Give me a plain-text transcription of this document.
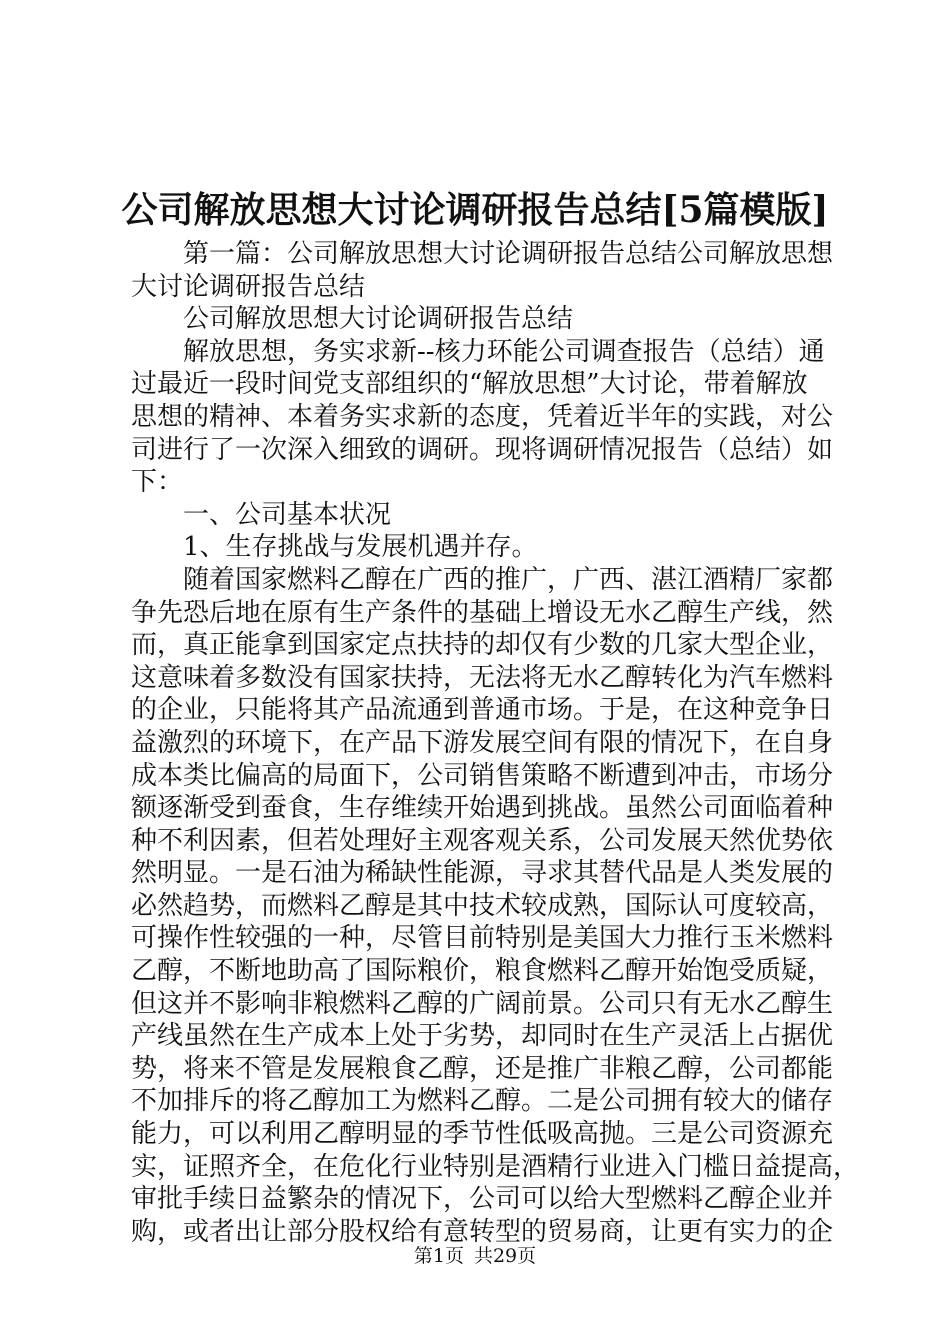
公司解放思想大讨论调研报告总结[5篇模版]
第一篇：公司解放思想大讨论调研报告总结公司解放思想
大讨论调研报告总结
公司解放思想大讨论调研报告总结
解放思想，务实求新--核力环能公司调查报告（总结）通
过最近一段时间党支部组织的“解放思想”大讨论，带着解放
思想的精神、本着务实求新的态度，凭着近半年的实践，对公
司进行了一次深入细致的调研。现将调研情况报告（总结）如
下：
一、公司基本状况
1、生存挑战与发展机遇并存。
随着国家燃料乙醇在广西的推广，广西、湛江酒精厂家都
争先恐后地在原有生产条件的基础上增设无水乙醇生产线，然
而，真正能拿到国家定点扶持的却仅有少数的几家大型企业，
这意味着多数没有国家扶持，无法将无水乙醇转化为汽车燃料
的企业，只能将其产品流通到普通市场。于是，在这种竞争日
益激烈的环境下，在产品下游发展空间有限的情况下，在自身
成本类比偏高的局面下，公司销售策略不断遭到冲击，市场分
额逐渐受到蚕食，生存维续开始遇到挑战。虽然公司面临着种
种不利因素，但若处理好主观客观关系，公司发展天然优势依
然明显。一是石油为稀缺性能源，寻求其替代品是人类发展的
必然趋势，而燃料乙醇是其中技术较成熟，国际认可度较高，
可操作性较强的一种，尽管目前特别是美国大力推行玉米燃料
乙醇，不断地助高了国际粮价，粮食燃料乙醇开始饱受质疑，
但这并不影响非粮燃料乙醇的广阔前景。公司只有无水乙醇生
产线虽然在生产成本上处于劣势，却同时在生产灵活上占据优
势，将来不管是发展粮食乙醇，还是推广非粮乙醇，公司都能
不加排斥的将乙醇加工为燃料乙醇。二是公司拥有较大的储存
能力，可以利用乙醇明显的季节性低吸高抛。三是公司资源充
实，证照齐全，在危化行业特别是酒精行业进入门槛日益提高，
审批手续日益繁杂的情况下，公司可以给大型燃料乙醇企业并
购，或者出让部分股权给有意转型的贸易商，让更有实力的企
第1页 共29页
